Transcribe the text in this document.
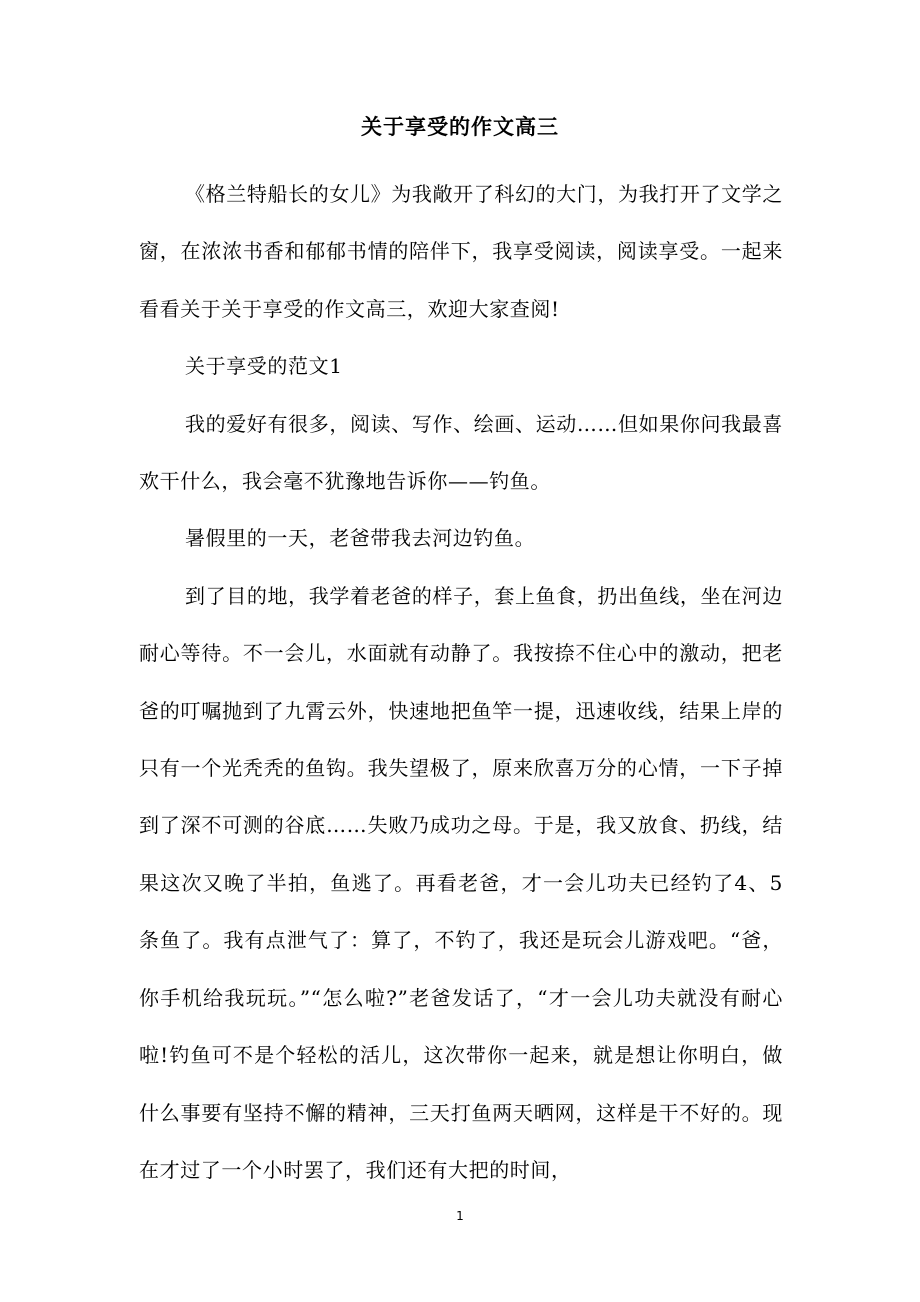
关于享受的作文高三

《格兰特船长的女儿》为我敞开了科幻的大门，为我打开了文学之窗，在浓浓书香和郁郁书情的陪伴下，我享受阅读，阅读享受。一起来看看关于关于享受的作文高三，欢迎大家查阅!

关于享受的范文1

我的爱好有很多，阅读、写作、绘画、运动……但如果你问我最喜欢干什么，我会毫不犹豫地告诉你——钓鱼。

暑假里的一天，老爸带我去河边钓鱼。

到了目的地，我学着老爸的样子，套上鱼食，扔出鱼线，坐在河边耐心等待。不一会儿，水面就有动静了。我按捺不住心中的激动，把老爸的叮嘱抛到了九霄云外，快速地把鱼竿一提，迅速收线，结果上岸的只有一个光秃秃的鱼钩。我失望极了，原来欣喜万分的心情，一下子掉到了深不可测的谷底……失败乃成功之母。于是，我又放食、扔线，结果这次又晚了半拍，鱼逃了。再看老爸，才一会儿功夫已经钓了4、5条鱼了。我有点泄气了：算了，不钓了，我还是玩会儿游戏吧。“爸，你手机给我玩玩。”“怎么啦?”老爸发话了，“才一会儿功夫就没有耐心啦!钓鱼可不是个轻松的活儿，这次带你一起来，就是想让你明白，做什么事要有坚持不懈的精神，三天打鱼两天晒网，这样是干不好的。现在才过了一个小时罢了，我们还有大把的时间，

1
